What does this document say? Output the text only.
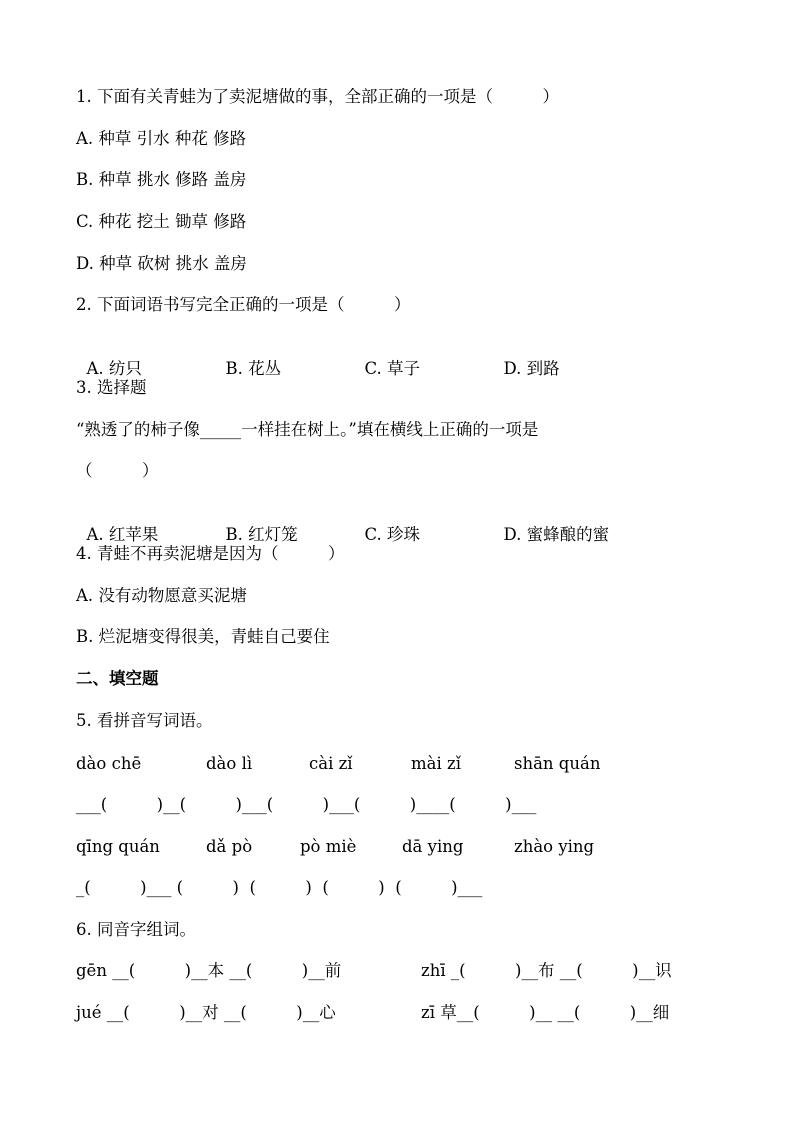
1. 下面有关青蛙为了卖泥塘做的事，全部正确的一项是（　　　）
A. 种草 引水 种花 修路
B. 种草 挑水 修路 盖房
C. 种花 挖土 锄草 修路
D. 种草 砍树 挑水 盖房
2. 下面词语书写完全正确的一项是（　　　）

A. 纺只	B. 花丛	C. 草子	D. 到路

3. 选择题
“熟透了的柿子像_____一样挂在树上。”填在横线上正确的一项是
（　　　）

A. 红苹果	B. 红灯笼	C. 珍珠	D. 蜜蜂酿的蜜

4. 青蛙不再卖泥塘是因为（　　　）
A. 没有动物愿意买泥塘
B. 烂泥塘变得很美，青蛙自己要住
二、填空题
5. 看拼音写词语。
dào chē	dào lì	cài zǐ	mài zǐ	shān quán
___(　　　)__(　　　)___(　　　)___(　　　)____(　　　)___
qīng quán	dǎ pò	pò miè	dā ying	zhào ying
_(　　　)___ (　　　)  (　　　)  (　　　)  (　　　)___
6. 同音字组词。
gēn __(　　　)__本 __(　　　)__前	zhī _(　　　)__布 __(　　　)__识
jué __(　　　)__对 __(　　　)__心	zī 草__(　　　)__ __(　　　)__细
